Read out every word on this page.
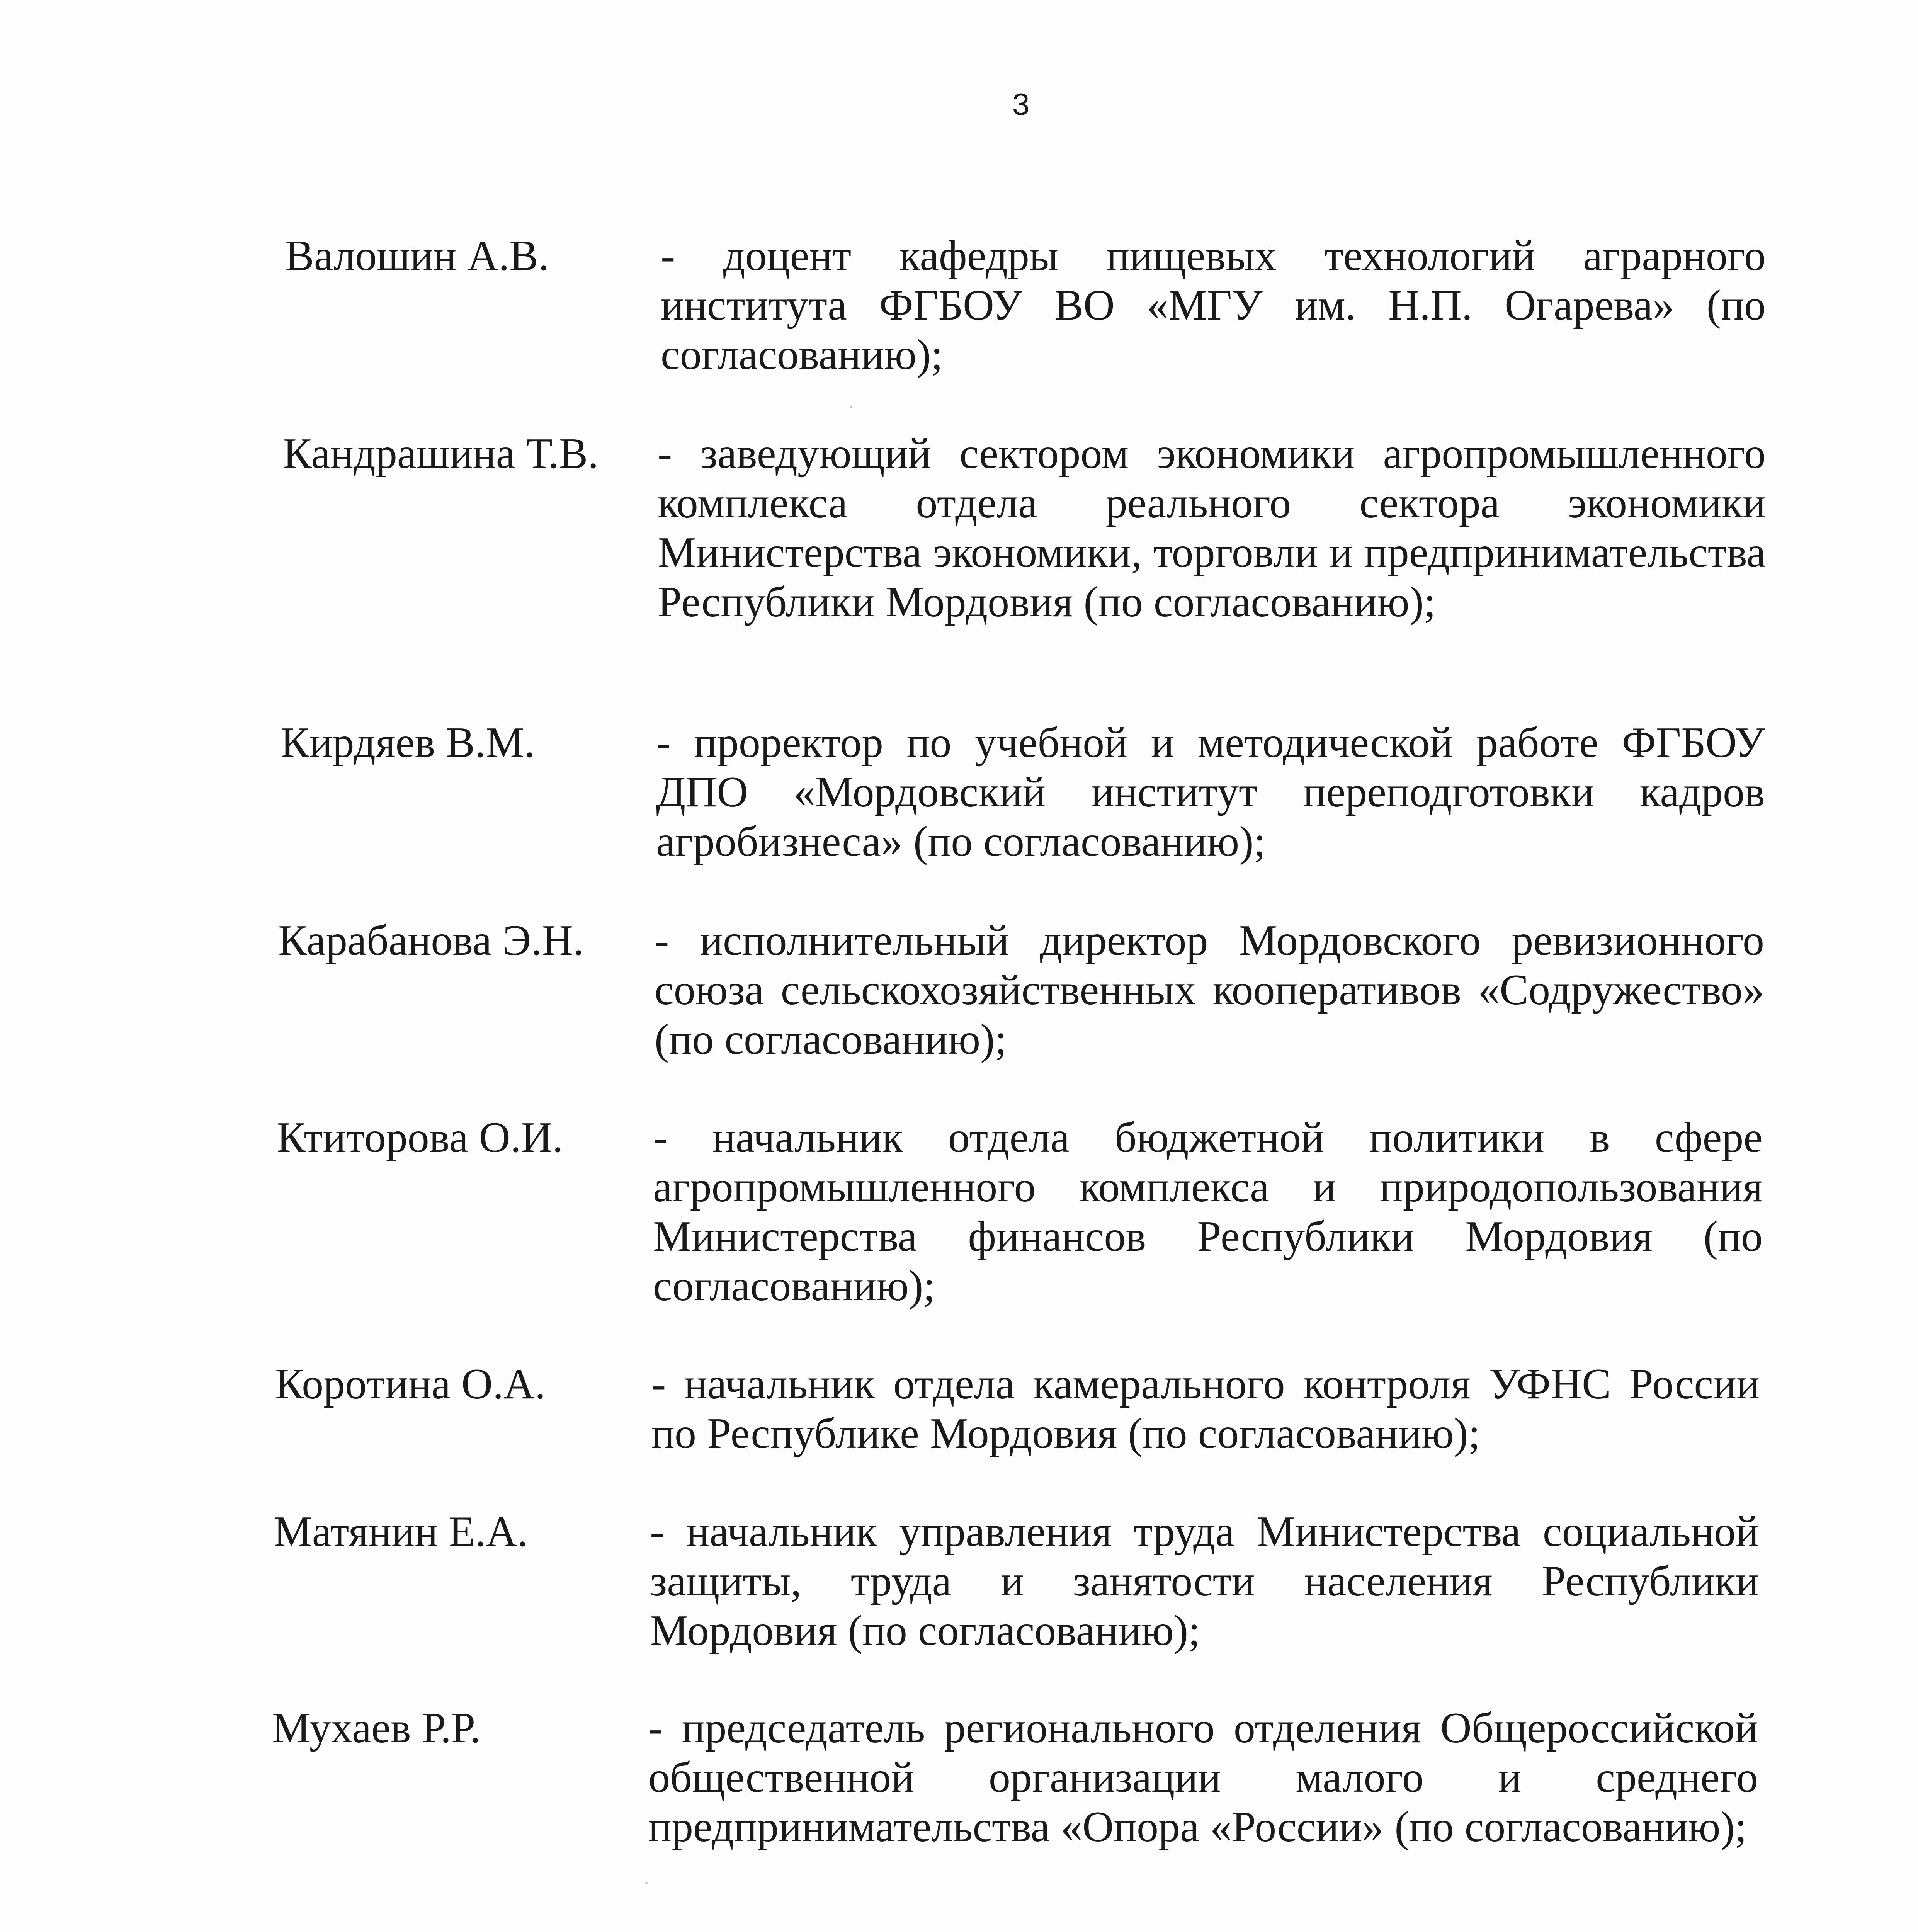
3
Валошин А.В.	- доцент кафедры пищевых технологий аграрного института ФГБОУ ВО «МГУ им. Н.П. Огарева» (по согласованию);
Кандрашина Т.В. - заведующий сектором экономики агропромышленного комплекса отдела реального сектора экономики Министерства экономики, торговли и предпринимательства Республики Мордовия (по согласованию);
Кирдяев В.М.	- проректор по учебной и методической работе ФГБОУ ДПО «Мордовский институт переподготовки кадров агробизнеса» (по согласованию);
Карабанова Э.Н. - исполнительный директор Мордовского ревизионного союза сельскохозяйственных кооперативов «Содружество» (по согласованию);
Ктиторова О.И. - начальник отдела бюджетной политики в сфере агропромышленного комплекса и природопользования Министерства финансов Республики Мордовия (по согласованию);
Коротина О.А. - начальник отдела камерального контроля УФНС России по Республике Мордовия (по согласованию);
Матянин Е.А.	- начальник управления труда Министерства социальной защиты, труда и занятости населения Республики Мордовия (по согласованию);
Мухаев Р.Р.	- председатель регионального отделения Общероссийской общественной организации малого и среднего предпринимательства «Опора «России» (по согласованию);
